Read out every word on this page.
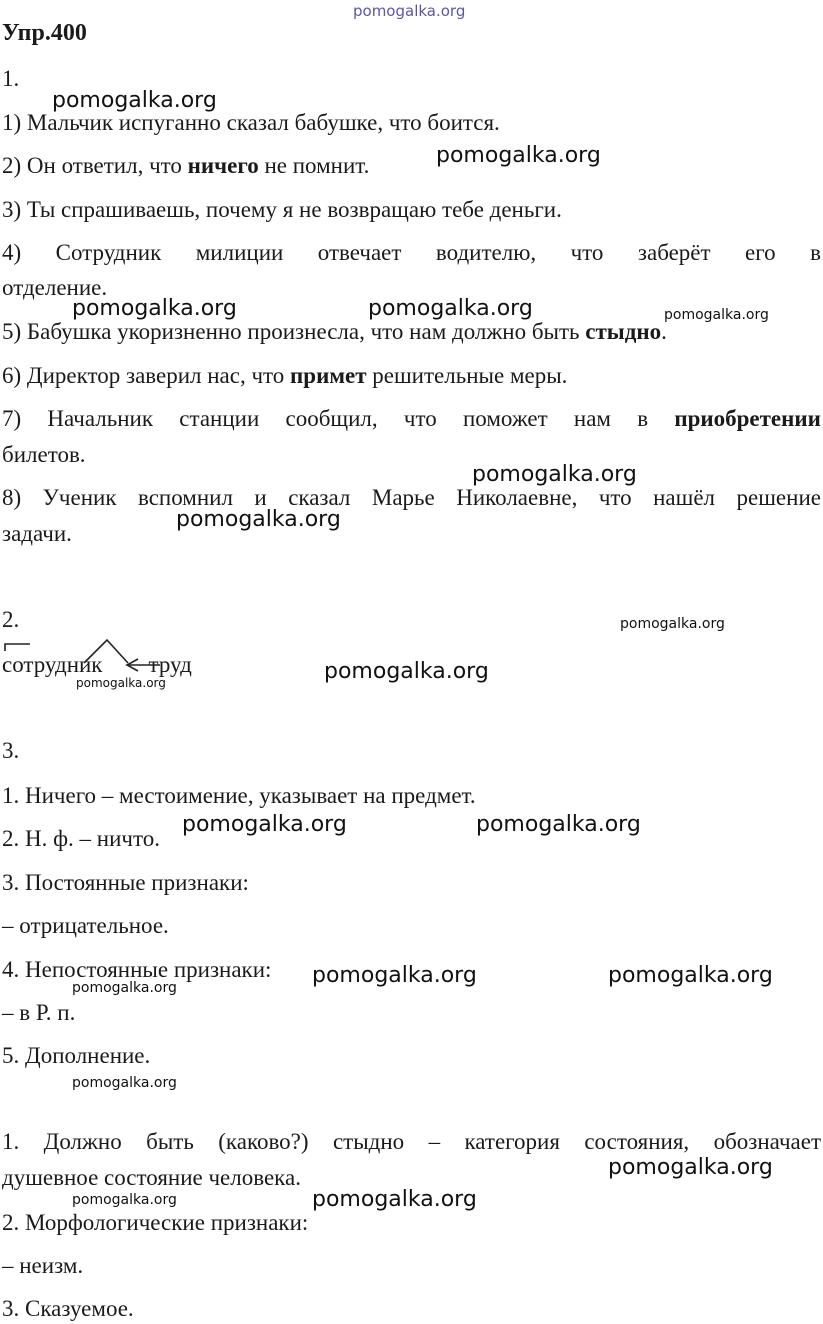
pomogalka.org
pomogalka.org
pomogalka.org
pomogalka.org	pomogalka.org	pomogalka.org
pomogalka.org
pomogalka.org
pomogalka.org
pomogalka.org
pomogalka.org
pomogalka.org	pomogalka.org
pomogalka.org	pomogalka.org
pomogalka.org
pomogalka.org
pomogalka.org
pomogalka.org
pomogalka.org
Упр.400
1.
1) Мальчик испуганно сказал бабушке, что боится.
2) Он ответил, что ничего не помнит.
3) Ты спрашиваешь, почему я не возвращаю тебе деньги.
4) Сотрудник милиции отвечает водителю, что заберёт его в
отделение.
5) Бабушка укоризненно произнесла, что нам должно быть стыдно.
6) Директор заверил нас, что примет решительные меры.
7) Начальник станции сообщил, что поможет нам в приобретении
билетов.
8) Ученик вспомнил и сказал Марье Николаевне, что нашёл решение
задачи.
2.
сотрудник труд
3.
1. Ничего – местоимение, указывает на предмет.
2. Н. ф. – ничто.
3. Постоянные признаки:
– отрицательное.
4. Непостоянные признаки:
– в Р. п.
5. Дополнение.
1. Должно быть (каково?) стыдно – категория состояния, обозначает
душевное состояние человека.
2. Морфологические признаки:
– неизм.
3. Сказуемое.
